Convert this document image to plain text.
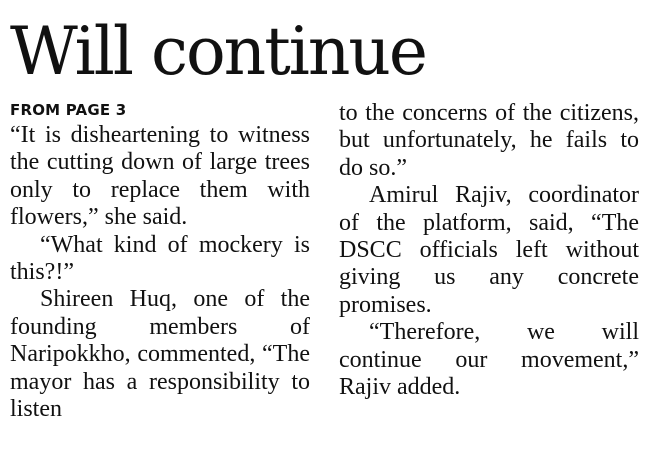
Will continue
FROM PAGE 3

“It is disheartening to witness the cutting down of large trees only to replace them with flowers,” she said.

“What kind of mockery is this?!”

Shireen Huq, one of the founding members of Naripokkho, commented, “The mayor has a responsibility to listen

to the concerns of the citizens, but unfortunately, he fails to do so.”

Amirul Rajiv, coordinator of the platform, said, “The DSCC officials left without giving us any concrete promises.

“Therefore, we will continue our movement,” Rajiv added.
